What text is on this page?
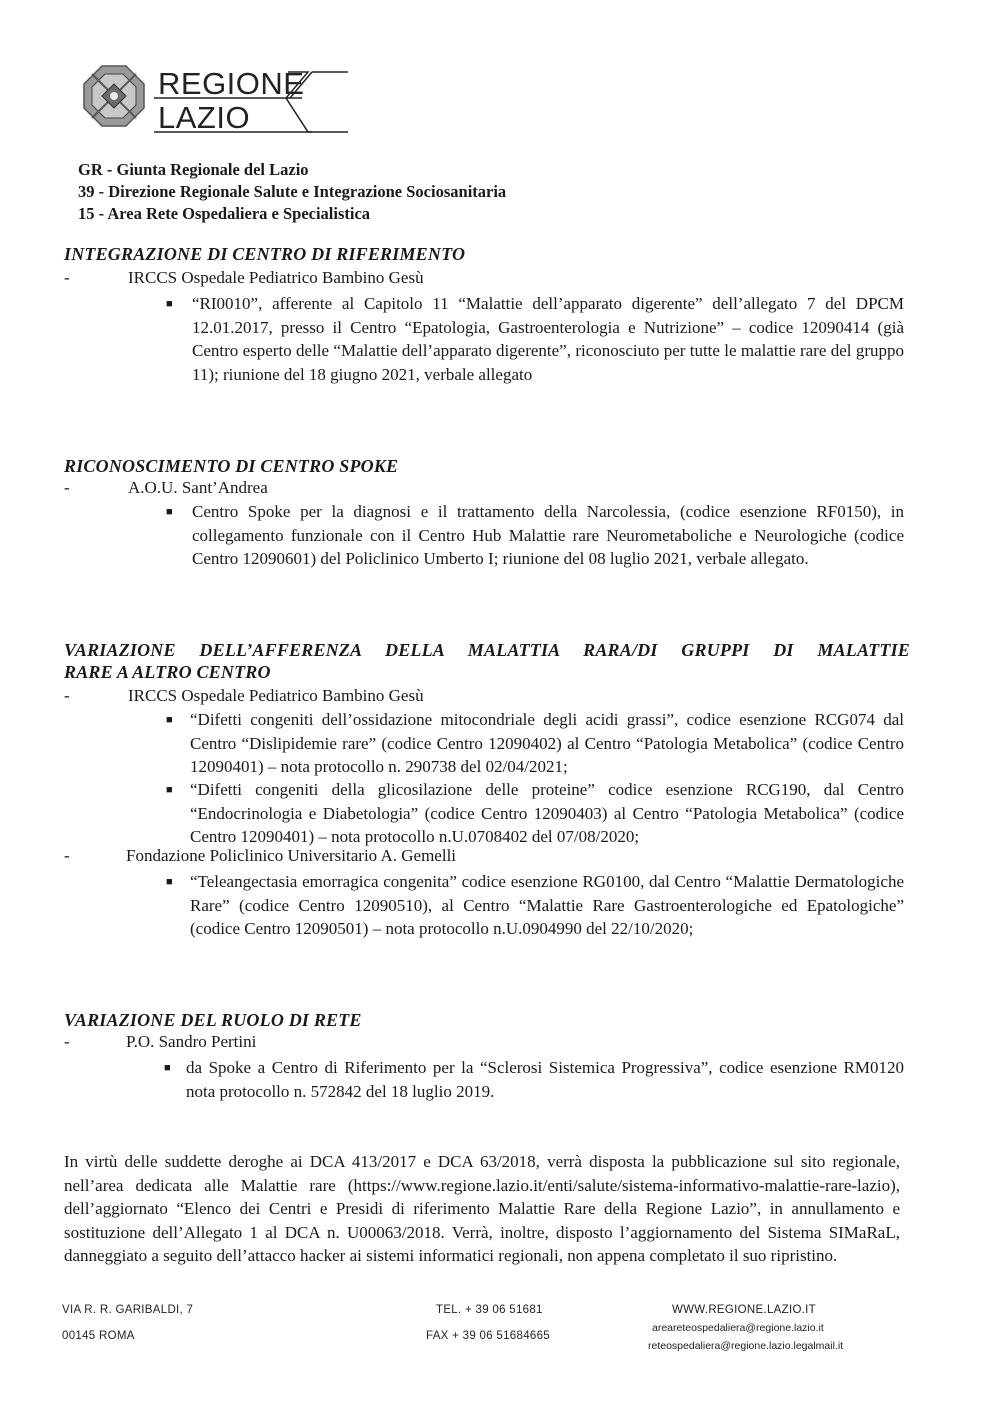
REGIONE
LAZIO
GR - Giunta Regionale del Lazio
39 - Direzione Regionale Salute e Integrazione Sociosanitaria
15 - Area Rete Ospedaliera e Specialistica
INTEGRAZIONE DI CENTRO DI RIFERIMENTO
-	IRCCS Ospedale Pediatrico Bambino Gesù
■ “RI0010”, afferente al Capitolo 11 “Malattie dell’apparato digerente” dell’allegato 7 del DPCM 12.01.2017, presso il Centro “Epatologia, Gastroenterologia e Nutrizione” – codice 12090414 (già Centro esperto delle “Malattie dell’apparato digerente”, riconosciuto per tutte le malattie rare del gruppo 11); riunione del 18 giugno 2021, verbale allegato
RICONOSCIMENTO DI CENTRO SPOKE
-	A.O.U. Sant’Andrea
■ Centro Spoke per la diagnosi e il trattamento della Narcolessia, (codice esenzione RF0150), in collegamento funzionale con il Centro Hub Malattie rare Neurometaboliche e Neurologiche (codice Centro 12090601) del Policlinico Umberto I; riunione del 08 luglio 2021, verbale allegato.
VARIAZIONE DELL’AFFERENZA DELLA MALATTIA RARA/DI GRUPPI DI MALATTIE
RARE A ALTRO CENTRO
-	IRCCS Ospedale Pediatrico Bambino Gesù
■ “Difetti congeniti dell’ossidazione mitocondriale degli acidi grassi”, codice esenzione RCG074 dal Centro “Dislipidemie rare” (codice Centro 12090402) al Centro “Patologia Metabolica” (codice Centro 12090401) – nota protocollo n. 290738 del 02/04/2021;
■ “Difetti congeniti della glicosilazione delle proteine” codice esenzione RCG190, dal Centro “Endocrinologia e Diabetologia” (codice Centro 12090403) al Centro “Patologia Metabolica” (codice Centro 12090401) – nota protocollo n.U.0708402 del 07/08/2020;
-	Fondazione Policlinico Universitario A. Gemelli
■ “Teleangectasia emorragica congenita” codice esenzione RG0100, dal Centro “Malattie Dermatologiche Rare” (codice Centro 12090510), al Centro “Malattie Rare Gastroenterologiche ed Epatologiche” (codice Centro 12090501) – nota protocollo n.U.0904990 del 22/10/2020;
VARIAZIONE DEL RUOLO DI RETE
-	P.O. Sandro Pertini
■ da Spoke a Centro di Riferimento per la “Sclerosi Sistemica Progressiva”, codice esenzione RM0120 nota protocollo n. 572842 del 18 luglio 2019.
In virtù delle suddette deroghe ai DCA 413/2017 e DCA 63/2018, verrà disposta la pubblicazione sul sito regionale, nell’area dedicata alle Malattie rare (https://www.regione.lazio.it/enti/salute/sistema-informativo-malattie-rare-lazio), dell’aggiornato “Elenco dei Centri e Presidi di riferimento Malattie Rare della Regione Lazio”, in annullamento e sostituzione dell’Allegato 1 al DCA n. U00063/2018. Verrà, inoltre, disposto l’aggiornamento del Sistema SIMaRaL, danneggiato a seguito dell’attacco hacker ai sistemi informatici regionali, non appena completato il suo ripristino.
VIA R. R. GARIBALDI, 7
00145 ROMA
TEL. + 39 06 51681
FAX + 39 06 51684665
WWW.REGIONE.LAZIO.IT
areareteospedaliera@regione.lazio.it
reteospedaliera@regione.lazio.legalmail.it
